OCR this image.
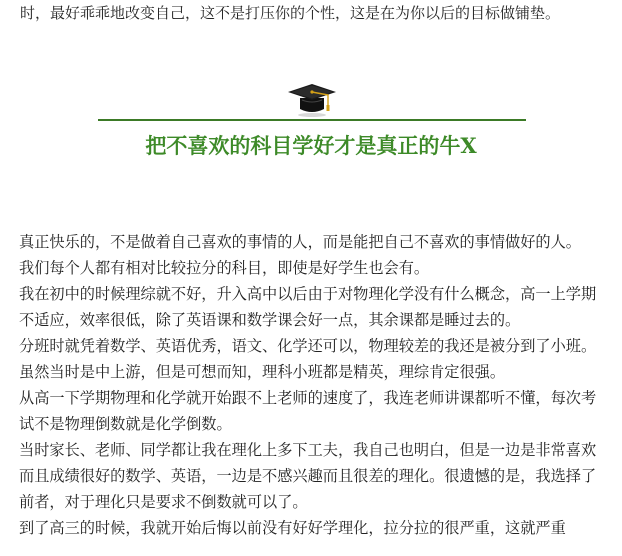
时，最好乖乖地改变自己，这不是打压你的个性，这是在为你以后的目标做铺垫。
把不喜欢的科目学好才是真正的牛X

真正快乐的，不是做着自己喜欢的事情的人，而是能把自己不喜欢的事情做好的人。

我们每个人都有相对比较拉分的科目，即使是好学生也会有。

我在初中的时候理综就不好，升入高中以后由于对物理化学没有什么概念，高一上学期不适应，效率很低，除了英语课和数学课会好一点，其余课都是睡过去的。

分班时就凭着数学、英语优秀，语文、化学还可以，物理较差的我还是被分到了小班。虽然当时是中上游，但是可想而知，理科小班都是精英，理综肯定很强。

从高一下学期物理和化学就开始跟不上老师的速度了，我连老师讲课都听不懂，每次考试不是物理倒数就是化学倒数。

当时家长、老师、同学都让我在理化上多下工夫，我自己也明白，但是一边是非常喜欢而且成绩很好的数学、英语，一边是不感兴趣而且很差的理化。很遗憾的是，我选择了前者，对于理化只是要求不倒数就可以了。

到了高三的时候，我就开始后悔以前没有好好学理化，拉分拉的很严重，这就严重
